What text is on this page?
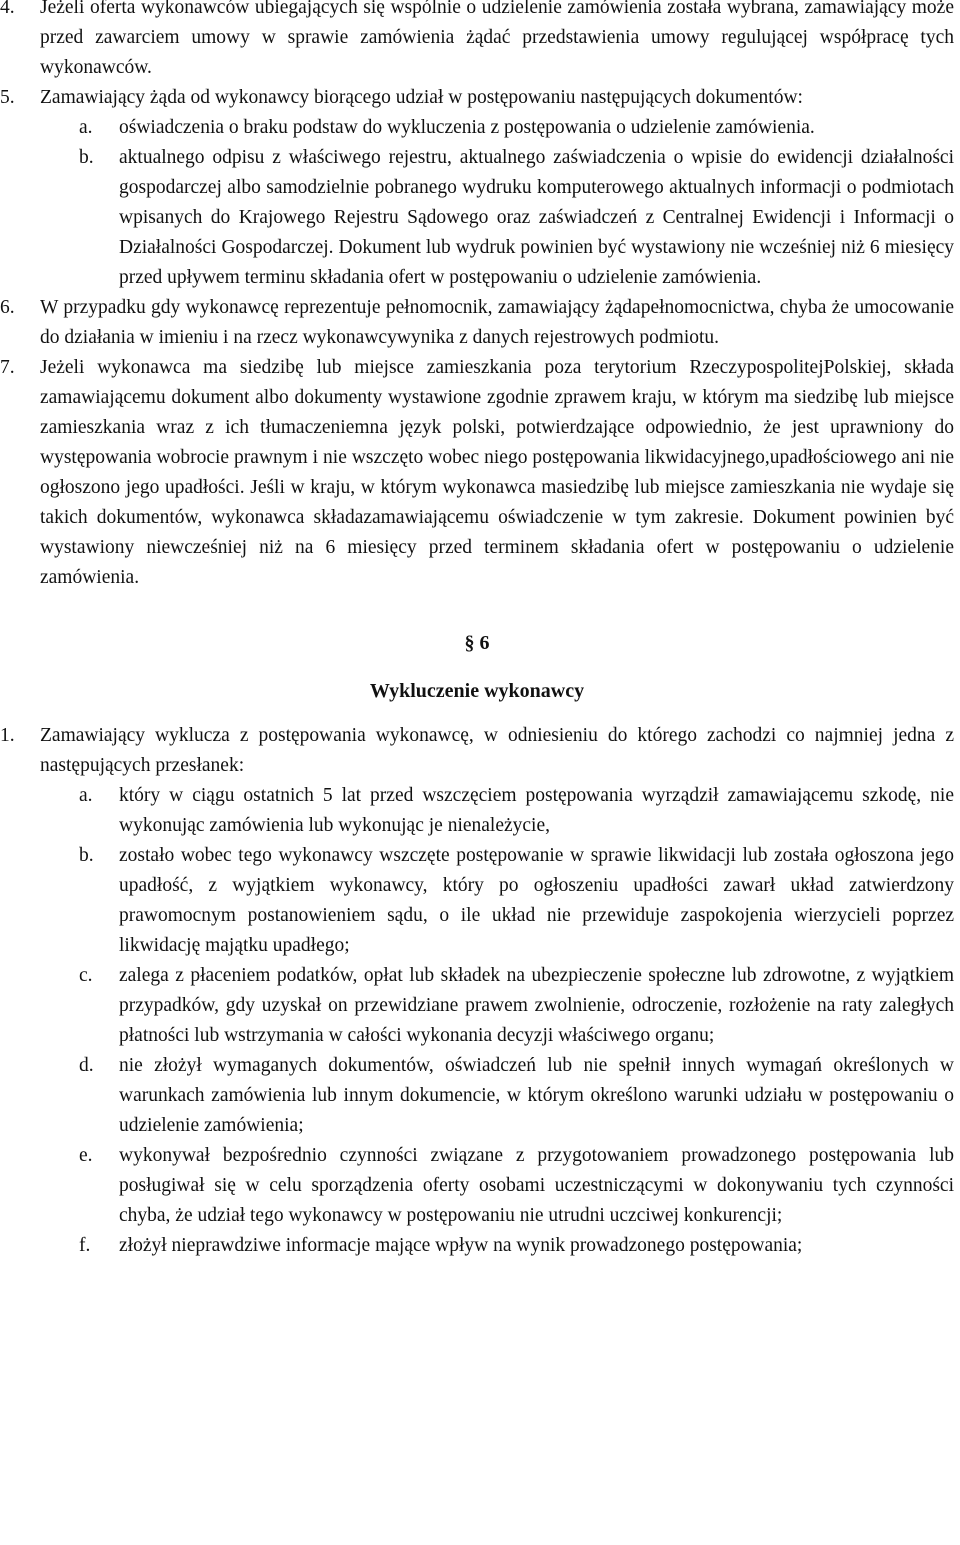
4. Jeżeli oferta wykonawców ubiegających się wspólnie o udzielenie zamówienia została wybrana, zamawiający może przed zawarciem umowy w sprawie zamówienia żądać przedstawienia umowy regulującej współpracę tych wykonawców.
5. Zamawiający żąda od wykonawcy biorącego udział w postępowaniu następujących dokumentów:
a. oświadczenia o braku podstaw do wykluczenia z postępowania o udzielenie zamówienia.
b. aktualnego odpisu z właściwego rejestru, aktualnego zaświadczenia o wpisie do ewidencji działalności gospodarczej albo samodzielnie pobranego wydruku komputerowego aktualnych informacji o podmiotach wpisanych do Krajowego Rejestru Sądowego oraz zaświadczeń z Centralnej Ewidencji i Informacji o Działalności Gospodarczej. Dokument lub wydruk powinien być wystawiony nie wcześniej niż 6 miesięcy przed upływem terminu składania ofert w postępowaniu o udzielenie zamówienia.
6. W przypadku gdy wykonawcę reprezentuje pełnomocnik, zamawiający żądapełnomocnictwa, chyba że umocowanie do działania w imieniu i na rzecz wykonawcywynika z danych rejestrowych podmiotu.
7. Jeżeli wykonawca ma siedzibę lub miejsce zamieszkania poza terytorium RzeczypospolitejPolskiej, składa zamawiającemu dokument albo dokumenty wystawione zgodnie zprawem kraju, w którym ma siedzibę lub miejsce zamieszkania wraz z ich tłumaczeniemna język polski, potwierdzające odpowiednio, że jest uprawniony do występowania wobrocie prawnym i nie wszczęto wobec niego postępowania likwidacyjnego,upadłościowego ani nie ogłoszono jego upadłości. Jeśli w kraju, w którym wykonawca masiedzibę lub miejsce zamieszkania nie wydaje się takich dokumentów, wykonawca składazamawiającemu oświadczenie w tym zakresie. Dokument powinien być wystawiony niewcześniej niż na 6 miesięcy przed terminem składania ofert w postępowaniu o udzielenie zamówienia.
§ 6
Wykluczenie wykonawcy
1. Zamawiający wyklucza z postępowania wykonawcę, w odniesieniu do którego zachodzi co najmniej jedna z następujących przesłanek:
a. który w ciągu ostatnich 5 lat przed wszczęciem postępowania wyrządził zamawiającemu szkodę, nie wykonując zamówienia lub wykonując je nienależycie,
b. zostało wobec tego wykonawcy wszczęte postępowanie w sprawie likwidacji lub została ogłoszona jego upadłość, z wyjątkiem wykonawcy, który po ogłoszeniu upadłości zawarł układ zatwierdzony prawomocnym postanowieniem sądu, o ile układ nie przewiduje zaspokojenia wierzycieli poprzez likwidację majątku upadłego;
c. zalega z płaceniem podatków, opłat lub składek na ubezpieczenie społeczne lub zdrowotne, z wyjątkiem przypadków, gdy uzyskał on przewidziane prawem zwolnienie, odroczenie, rozłożenie na raty zaległych płatności lub wstrzymania w całości wykonania decyzji właściwego organu;
d. nie złożył wymaganych dokumentów, oświadczeń lub nie spełnił innych wymagań określonych w warunkach zamówienia lub innym dokumencie, w którym określono warunki udziału w postępowaniu o udzielenie zamówienia;
e. wykonywał bezpośrednio czynności związane z przygotowaniem prowadzonego postępowania lub posługiwał się w celu sporządzenia oferty osobami uczestniczącymi w dokonywaniu tych czynności chyba, że udział tego wykonawcy w postępowaniu nie utrudni uczciwej konkurencji;
f. złożył nieprawdziwe informacje mające wpływ na wynik prowadzonego postępowania;
